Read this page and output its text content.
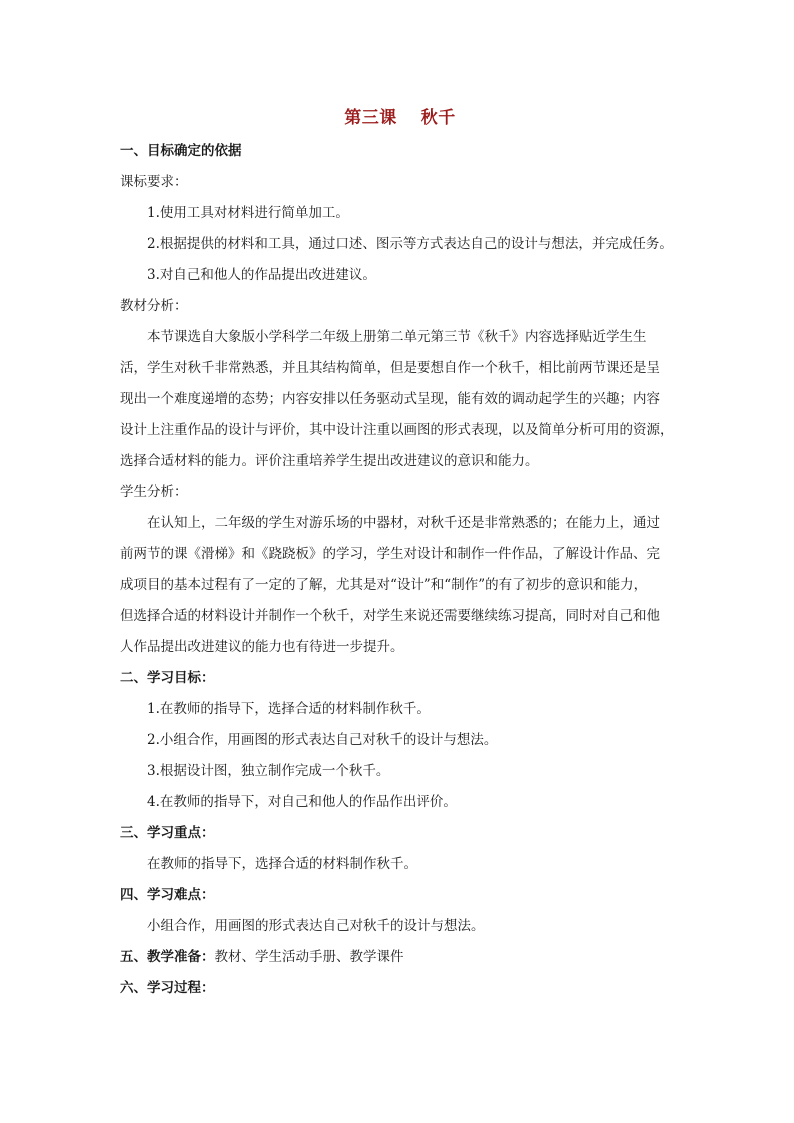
第三课 秋千
一、目标确定的依据
课标要求：
1.使用工具对材料进行简单加工。
2.根据提供的材料和工具，通过口述、图示等方式表达自己的设计与想法，并完成任务。
3.对自己和他人的作品提出改进建议。
教材分析：
本节课选自大象版小学科学二年级上册第二单元第三节《秋千》内容选择贴近学生生
活，学生对秋千非常熟悉，并且其结构简单，但是要想自作一个秋千，相比前两节课还是呈
现出一个难度递增的态势；内容安排以任务驱动式呈现，能有效的调动起学生的兴趣；内容
设计上注重作品的设计与评价，其中设计注重以画图的形式表现，以及简单分析可用的资源，
选择合适材料的能力。评价注重培养学生提出改进建议的意识和能力。
学生分析：
在认知上，二年级的学生对游乐场的中器材，对秋千还是非常熟悉的；在能力上，通过
前两节的课《滑梯》和《跷跷板》的学习，学生对设计和制作一件作品，了解设计作品、完
成项目的基本过程有了一定的了解，尤其是对“设计”和“制作”的有了初步的意识和能力，
但选择合适的材料设计并制作一个秋千，对学生来说还需要继续练习提高，同时对自己和他
人作品提出改进建议的能力也有待进一步提升。
二、学习目标：
1.在教师的指导下，选择合适的材料制作秋千。
2.小组合作，用画图的形式表达自己对秋千的设计与想法。
3.根据设计图，独立制作完成一个秋千。
4.在教师的指导下，对自己和他人的作品作出评价。
三、学习重点：
在教师的指导下，选择合适的材料制作秋千。
四、学习难点：
小组合作，用画图的形式表达自己对秋千的设计与想法。
五、教学准备：教材、学生活动手册、教学课件
六、学习过程：
